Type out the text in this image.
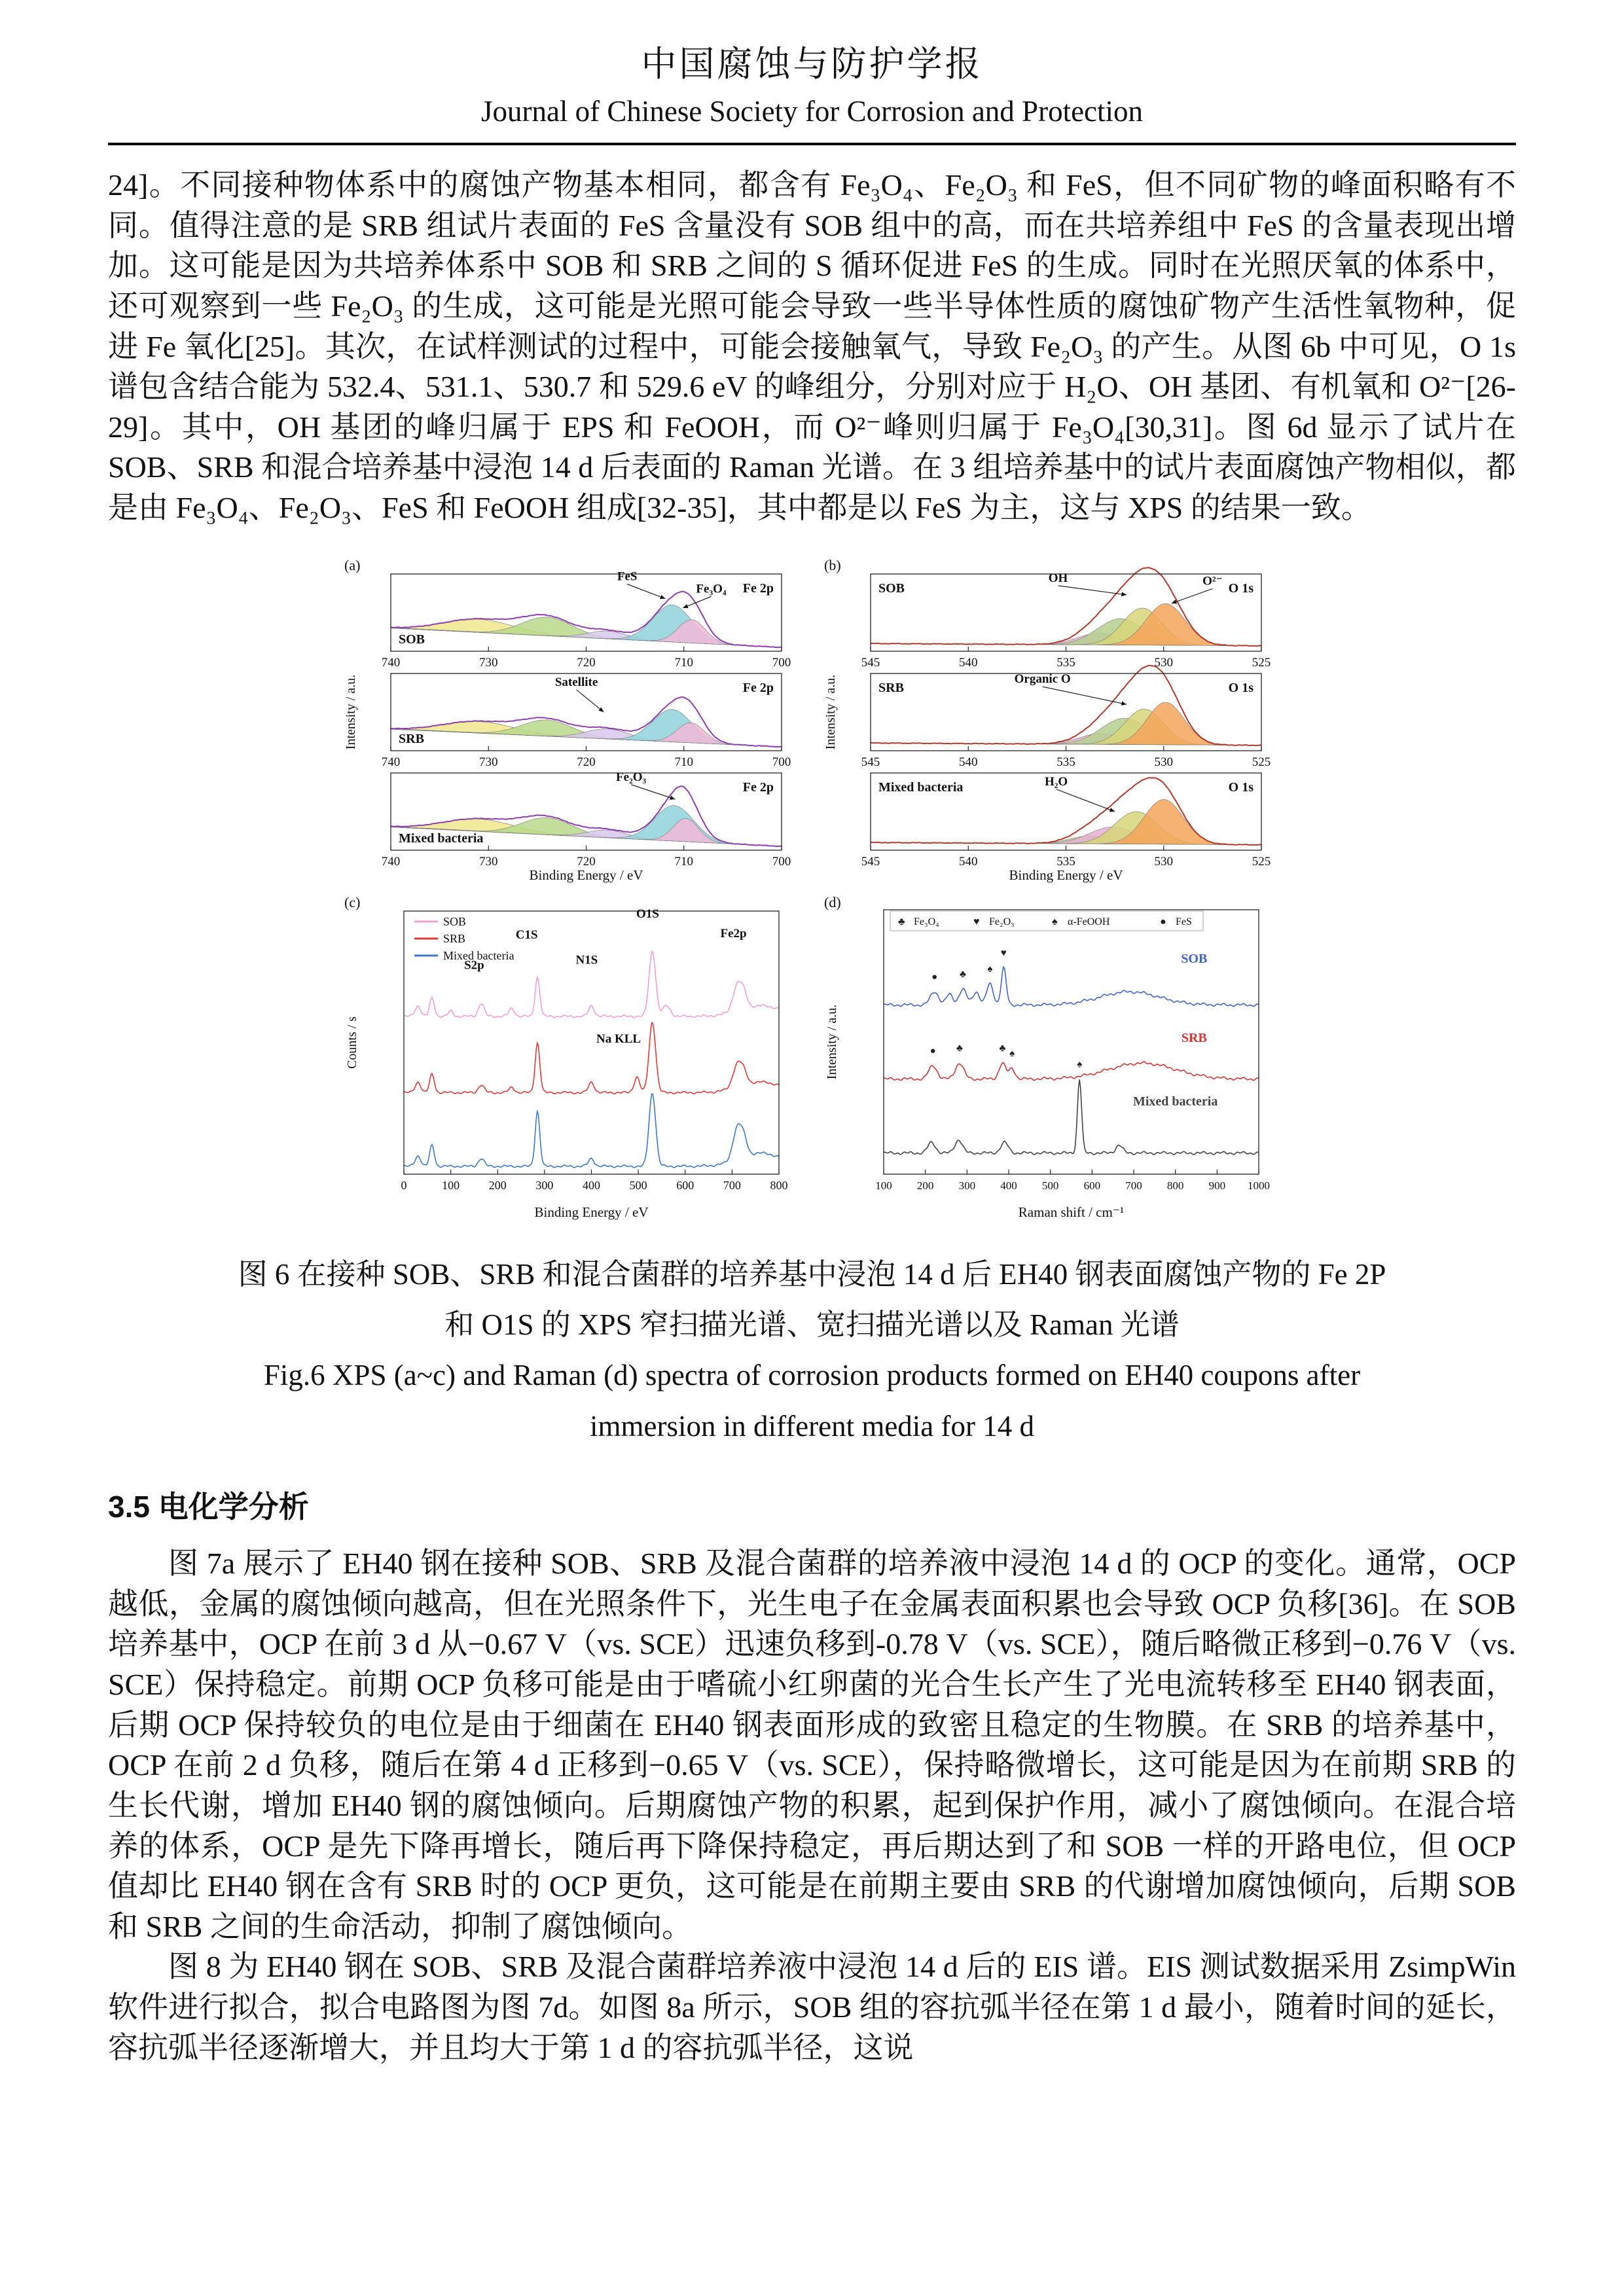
中国腐蚀与防护学报
Journal of Chinese Society for Corrosion and Protection

24]。不同接种物体系中的腐蚀产物基本相同，都含有 Fe₃O₄、Fe₂O₃ 和 FeS，但不同矿物的峰面积略有不同。值得注意的是 SRB 组试片表面的 FeS 含量没有 SOB 组中的高，而在共培养组中 FeS 的含量表现出增加。这可能是因为共培养体系中 SOB 和 SRB 之间的 S 循环促进 FeS 的生成。同时在光照厌氧的体系中，还可观察到一些 Fe₂O₃ 的生成，这可能是光照可能会导致一些半导体性质的腐蚀矿物产生活性氧物种，促进 Fe 氧化[25]。其次，在试样测试的过程中，可能会接触氧气，导致 Fe₂O₃ 的产生。从图 6b 中可见，O 1s 谱包含结合能为 532.4、531.1、530.7 和 529.6 eV 的峰组分，分别对应于 H₂O、OH 基团、有机氧和 O²⁻[26-29]。其中，OH 基团的峰归属于 EPS 和 FeOOH，而 O²⁻峰则归属于 Fe₃O₄[30,31]。图 6d 显示了试片在 SOB、SRB 和混合培养基中浸泡 14 d 后表面的 Raman 光谱。在 3 组培养基中的试片表面腐蚀产物相似，都是由 Fe₃O₄、Fe₂O₃、FeS 和 FeOOH 组成[32-35]，其中都是以 FeS 为主，这与 XPS 的结果一致。

(a)
Intensity / a.u.
740	730	720	710	700
SOB
Fe 2p
FeS
Fe₃O₄
740	730	720	710	700
SRB
Fe 2p
Satellite
740	730	720	710	700
Mixed bacteria
Fe 2p
Fe₂O₃
Binding Energy / eV
(b)
Intensity / a.u.
545	540	535	530	525
SOB	O 1s
OH	O²⁻
545	540	535	530	525
SRB	O 1s
Organic O
545	540	535	530	525
Mixed bacteria	O 1s
H₂O
Binding Energy / eV
(c)
Counts / s
0	100 200 300 400 500 600 700 800
Binding Energy / eV
SOB
SRB
Mixed bacteria
S2p
C1S
N1S
O1S
Na KLL
Fe2p
(d)
Intensity / a.u.
SOB
● ♣
♠
♥
SRB
● ♣	♣ ♠
Mixed bacteria
♠
100 200 300 400 500 600 700 800 900 1000
Raman shift / cm⁻¹
♣ Fe₃O₄	♥ Fe₂O₃	♠ α-FeOOH	● FeS
图 6 在接种 SOB、SRB 和混合菌群的培养基中浸泡 14 d 后 EH40 钢表面腐蚀产物的 Fe 2P
和 O1S 的 XPS 窄扫描光谱、宽扫描光谱以及 Raman 光谱
Fig.6 XPS (a~c) and Raman (d) spectra of corrosion products formed on EH40 coupons after
immersion in different media for 14 d
3.5 电化学分析

图 7a 展示了 EH40 钢在接种 SOB、SRB 及混合菌群的培养液中浸泡 14 d 的 OCP 的变化。通常，OCP 越低，金属的腐蚀倾向越高，但在光照条件下，光生电子在金属表面积累也会导致 OCP 负移[36]。在 SOB 培养基中，OCP 在前 3 d 从−0.67 V（vs. SCE）迅速负移到-0.78 V（vs. SCE），随后略微正移到−0.76 V（vs. SCE）保持稳定。前期 OCP 负移可能是由于嗜硫小红卵菌的光合生长产生了光电流转移至 EH40 钢表面，后期 OCP 保持较负的电位是由于细菌在 EH40 钢表面形成的致密且稳定的生物膜。在 SRB 的培养基中，OCP 在前 2 d 负移，随后在第 4 d 正移到−0.65 V（vs. SCE），保持略微增长，这可能是因为在前期 SRB 的生长代谢，增加 EH40 钢的腐蚀倾向。后期腐蚀产物的积累，起到保护作用，减小了腐蚀倾向。在混合培养的体系，OCP 是先下降再增长，随后再下降保持稳定，再后期达到了和 SOB 一样的开路电位，但 OCP 值却比 EH40 钢在含有 SRB 时的 OCP 更负，这可能是在前期主要由 SRB 的代谢增加腐蚀倾向，后期 SOB 和 SRB 之间的生命活动，抑制了腐蚀倾向。

图 8 为 EH40 钢在 SOB、SRB 及混合菌群培养液中浸泡 14 d 后的 EIS 谱。EIS 测试数据采用 ZsimpWin 软件进行拟合，拟合电路图为图 7d。如图 8a 所示，SOB 组的容抗弧半径在第 1 d 最小，随着时间的延长，容抗弧半径逐渐增大，并且均大于第 1 d 的容抗弧半径，这说
